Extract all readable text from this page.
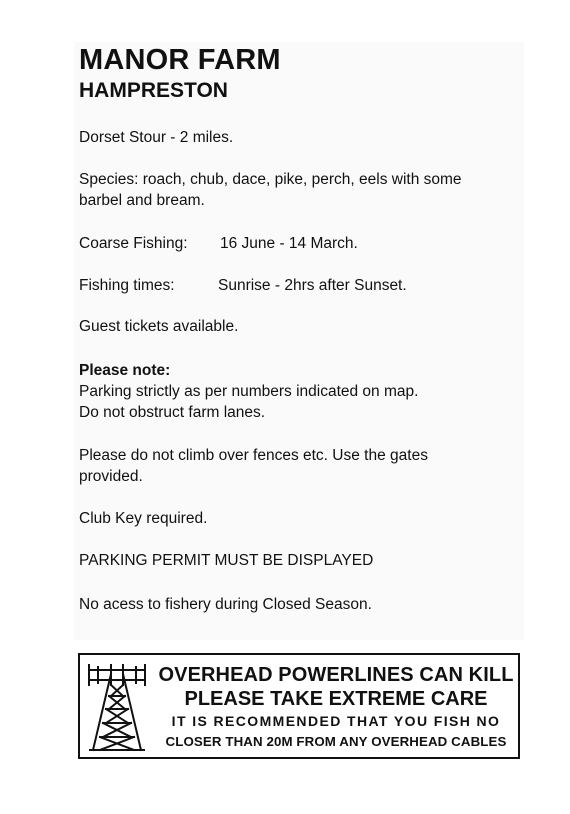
MANOR FARM
HAMPRESTON

Dorset Stour - 2 miles.

Species: roach, chub, dace, pike, perch, eels with some
barbel and bream.

Coarse Fishing: 16 June - 14 March.

Fishing times:	Sunrise - 2hrs after Sunset.

Guest tickets available.

Please note:
Parking strictly as per numbers indicated on map.
Do not obstruct farm lanes.

Please do not climb over fences etc. Use the gates
provided.

Club Key required.

PARKING PERMIT MUST BE DISPLAYED

No acess to fishery during Closed Season.

OVERHEAD POWERLINES CAN KILL

PLEASE TAKE EXTREME CARE

IT IS RECOMMENDED THAT YOU FISH NO

CLOSER THAN 20M FROM ANY OVERHEAD CABLES
